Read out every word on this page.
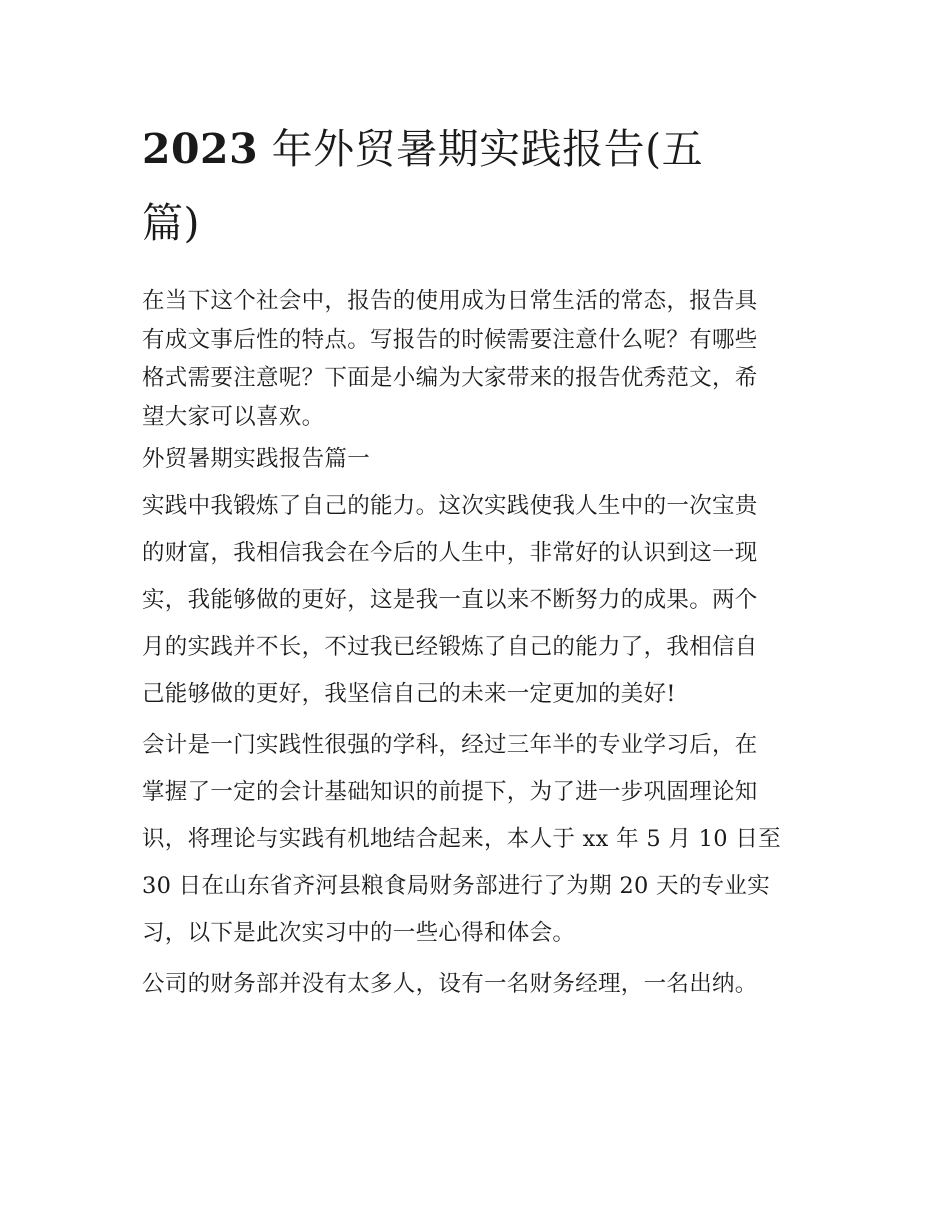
2023 年外贸暑期实践报告(五
篇)

在当下这个社会中，报告的使用成为日常生活的常态，报告具
有成文事后性的特点。写报告的时候需要注意什么呢？有哪些
格式需要注意呢？下面是小编为大家带来的报告优秀范文，希
望大家可以喜欢。

外贸暑期实践报告篇一

实践中我锻炼了自己的能力。这次实践使我人生中的一次宝贵
的财富，我相信我会在今后的人生中，非常好的认识到这一现
实，我能够做的更好，这是我一直以来不断努力的成果。两个
月的实践并不长，不过我已经锻炼了自己的能力了，我相信自
己能够做的更好，我坚信自己的未来一定更加的美好!

会计是一门实践性很强的学科，经过三年半的专业学习后，在
掌握了一定的会计基础知识的前提下，为了进一步巩固理论知
识，将理论与实践有机地结合起来，本人于 xx 年 5 月 10 日至
30 日在山东省齐河县粮食局财务部进行了为期 20 天的专业实
习，以下是此次实习中的一些心得和体会。

公司的财务部并没有太多人，设有一名财务经理，一名出纳。
